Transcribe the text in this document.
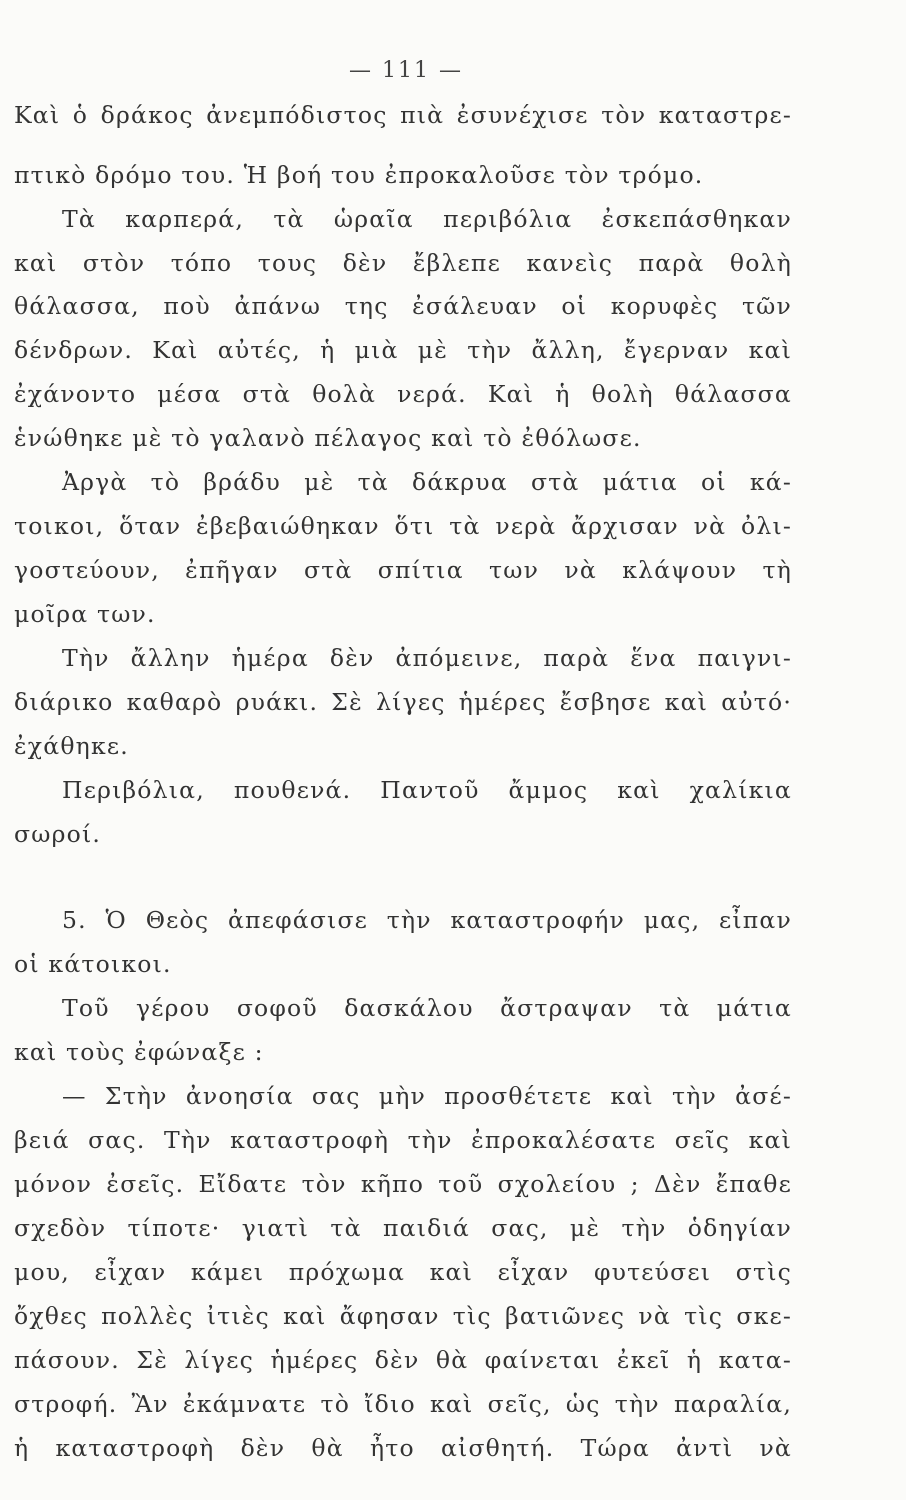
— 111 —
Καὶ ὁ δράκος ἀνεμπόδιστος πιὰ ἐσυνέχισε τὸν καταστρε-
πτικὸ δρόμο του. Ἡ βοή του ἐπροκαλοῦσε τὸν τρόμο.
Τὰ καρπερά, τὰ ὡραῖα περιβόλια ἐσκεπάσθηκαν
καὶ στὸν τόπο τους δὲν ἔβλεπε κανεὶς παρὰ θολὴ
θάλασσα, ποὺ ἀπάνω της ἐσάλευαν οἱ κορυφὲς τῶν
δένδρων. Καὶ αὐτές, ἡ μιὰ μὲ τὴν ἄλλη, ἔγερναν καὶ
ἐχάνοντο μέσα στὰ θολὰ νερά. Καὶ ἡ θολὴ θάλασσα
ἑνώθηκε μὲ τὸ γαλανὸ πέλαγος καὶ τὸ ἐθόλωσε.
Ἀργὰ τὸ βράδυ μὲ τὰ δάκρυα στὰ μάτια οἱ κά-
τοικοι, ὅταν ἐβεβαιώθηκαν ὅτι τὰ νερὰ ἄρχισαν νὰ ὀλι-
γοστεύουν, ἐπῆγαν στὰ σπίτια των νὰ κλάψουν τὴ
μοῖρα των.
Τὴν ἄλλην ἡμέρα δὲν ἀπόμεινε, παρὰ ἕνα παιγνι-
διάρικο καθαρὸ ρυάκι. Σὲ λίγες ἡμέρες ἔσβησε καὶ αὐτό·
ἐχάθηκε.
Περιβόλια, πουθενά. Παντοῦ ἄμμος καὶ χαλίκια
σωροί.
5. Ὁ Θεὸς ἀπεφάσισε τὴν καταστροφήν μας, εἶπαν
οἱ κάτοικοι.
Τοῦ γέρου σοφοῦ δασκάλου ἄστραψαν τὰ μάτια
καὶ τοὺς ἐφώναξε :
— Στὴν ἀνοησία σας μὴν προσθέτετε καὶ τὴν ἀσέ-
βειά σας. Τὴν καταστροφὴ τὴν ἐπροκαλέσατε σεῖς καὶ
μόνον ἐσεῖς. Εἴδατε τὸν κῆπο τοῦ σχολείου ; Δὲν ἔπαθε
σχεδὸν τίποτε· γιατὶ τὰ παιδιά σας, μὲ τὴν ὁδηγίαν
μου, εἶχαν κάμει πρόχωμα καὶ εἶχαν φυτεύσει στὶς
ὄχθες πολλὲς ἰτιὲς καὶ ἄφησαν τὶς βατιῶνες νὰ τὶς σκε-
πάσουν. Σὲ λίγες ἡμέρες δὲν θὰ φαίνεται ἐκεῖ ἡ κατα-
στροφή. Ἂν ἐκάμνατε τὸ ἴδιο καὶ σεῖς, ὡς τὴν παραλία,
ἡ καταστροφὴ δὲν θὰ ἦτο αἰσθητή. Τώρα ἀντὶ νὰ
